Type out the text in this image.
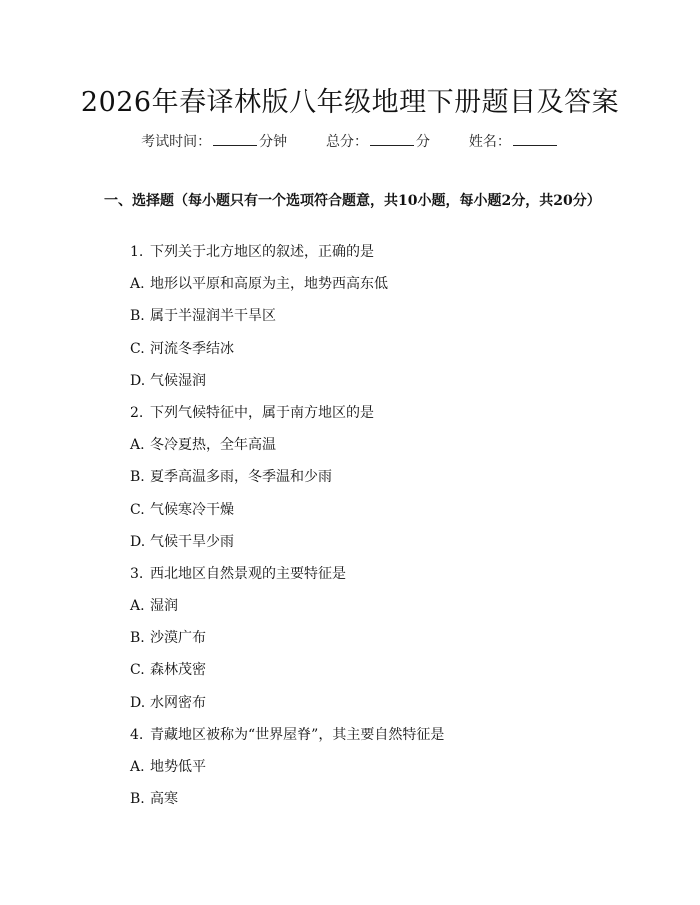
2026年春译林版八年级地理下册题目及答案
考试时间：	分钟	总分：	分	姓名：
一、选择题（每小题只有一个选项符合题意，共10小题，每小题2分，共20分）
1. 下列关于北方地区的叙述，正确的是
A. 地形以平原和高原为主，地势西高东低
B. 属于半湿润半干旱区
C. 河流冬季结冰
D. 气候湿润
2. 下列气候特征中，属于南方地区的是
A. 冬冷夏热，全年高温
B. 夏季高温多雨，冬季温和少雨
C. 气候寒冷干燥
D. 气候干旱少雨
3. 西北地区自然景观的主要特征是
A. 湿润
B. 沙漠广布
C. 森林茂密
D. 水网密布
4. 青藏地区被称为“世界屋脊”，其主要自然特征是
A. 地势低平
B. 高寒
